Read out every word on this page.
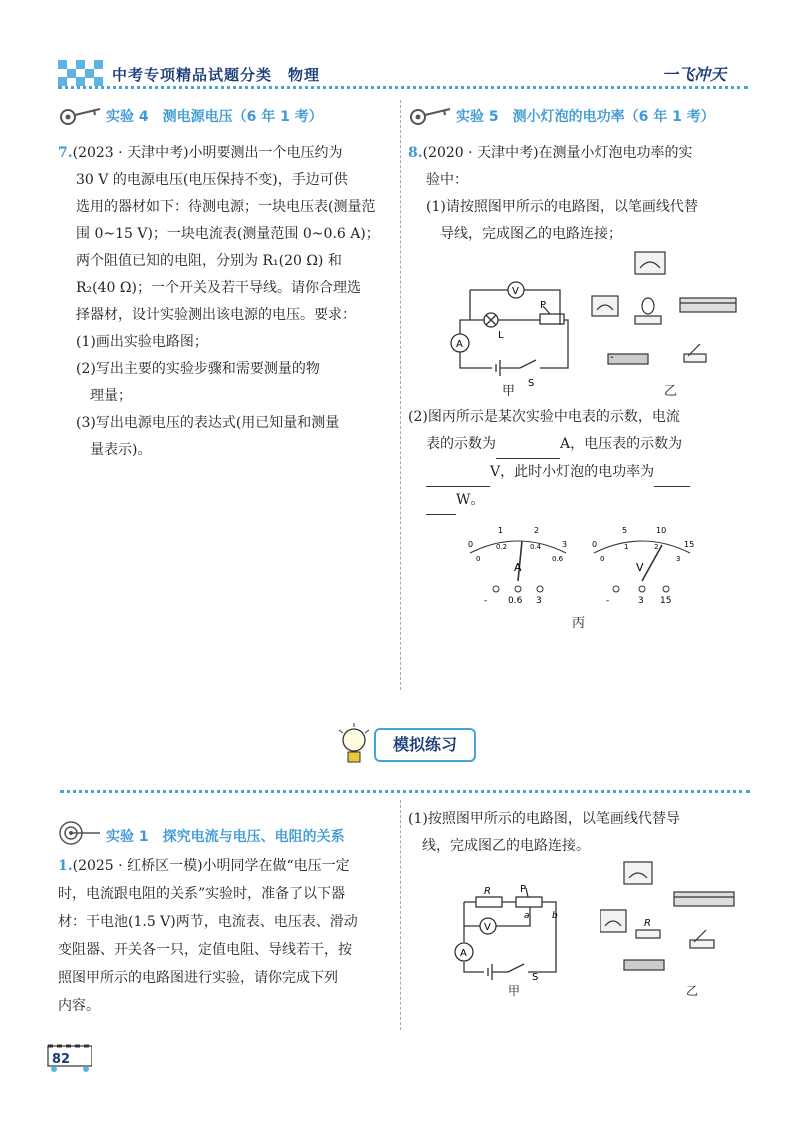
中考专项精品试题分类　物理	一飞冲天
实验 4　测电源电压（6 年 1 考）
7.(2023 · 天津中考)小明要测出一个电压约为
30 V 的电源电压(电压保持不变)，手边可供
选用的器材如下：待测电源；一块电压表(测量范
围 0~15 V)；一块电流表(测量范围 0~0.6 A)；
两个阻值已知的电阻，分别为 R₁(20 Ω) 和
R₂(40 Ω)；一个开关及若干导线。请你合理选
择器材，设计实验测出该电源的电压。要求：
(1)画出实验电路图；
(2)写出主要的实验步骤和需要测量的物
　理量；
(3)写出电源电压的表达式(用已知量和测量
　量表示)。
实验 5　测小灯泡的电功率（6 年 1 考）
8.(2020 · 天津中考)在测量小灯泡电功率的实
验中：
(1)请按照图甲所示的电路图，以笔画线代替
　导线，完成图乙的电路连接；
V
A
L
P
S
甲
-
乙
(2)图丙所示是某次实验中电表的示数，电流
表的示数为	A，电压表的示数为
V，此时小灯泡的电功率为
W。
0
1	2
3
0
0.2	0.4
0.6
A
- 0.6 3
0
5	10
15
0
1	2
3
V
-	3 15
丙
模拟练习
实验 1　探究电流与电压、电阻的关系
1.(2025 · 红桥区一模)小明同学在做“电压一定
时，电流跟电阻的关系”实验时，准备了以下器
材：干电池(1.5 V)两节，电流表、电压表、滑动
变阻器、开关各一只，定值电阻、导线若干，按
照图甲所示的电路图进行实验，请你完成下列
内容。
(1)按照图甲所示的电路图，以笔画线代替导
　线，完成图乙的电路连接。
R	P
a b
V
A
S
甲
R
乙
82
